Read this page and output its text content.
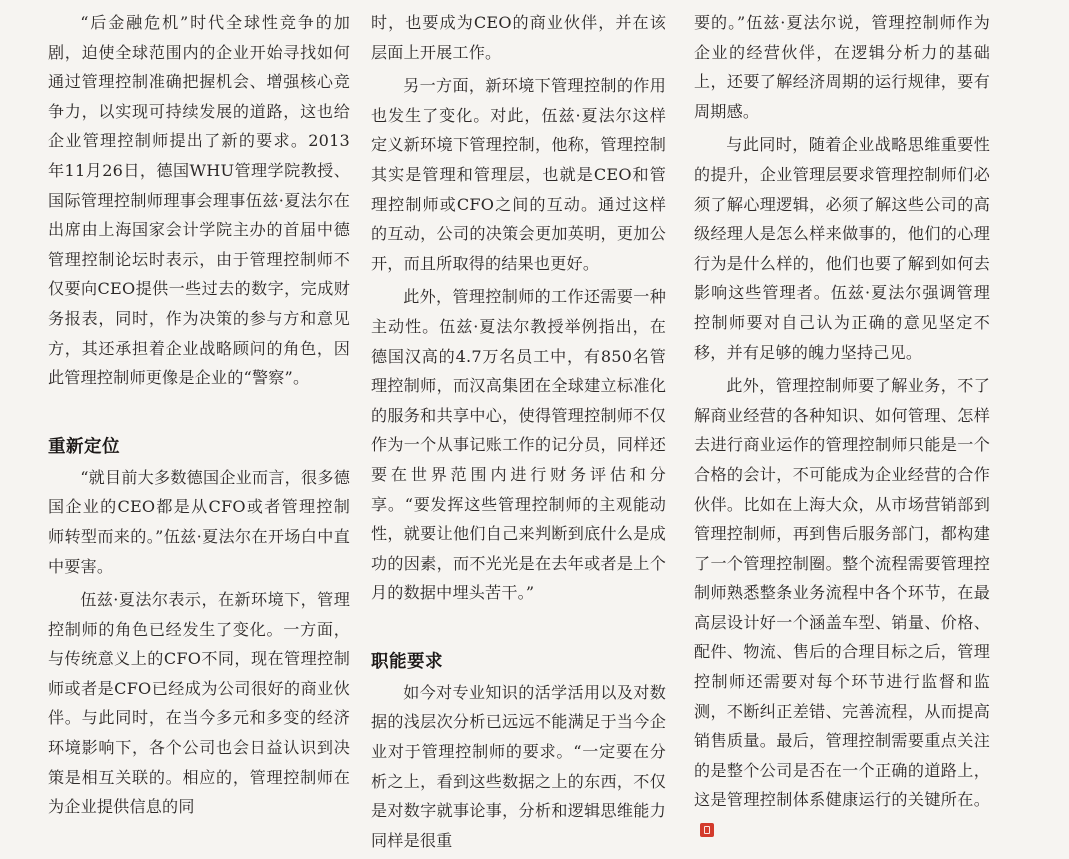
“后金融危机”时代全球性竞争的加剧，迫使全球范围内的企业开始寻找如何通过管理控制准确把握机会、增强核心竞争力，以实现可持续发展的道路，这也给企业管理控制师提出了新的要求。2013年11月26日，德国WHU管理学院教授、国际管理控制师理事会理事伍兹·夏法尔在出席由上海国家会计学院主办的首届中德管理控制论坛时表示，由于管理控制师不仅要向CEO提供一些过去的数字，完成财务报表，同时，作为决策的参与方和意见方，其还承担着企业战略顾问的角色，因此管理控制师更像是企业的“警察”。

重新定位

“就目前大多数德国企业而言，很多德国企业的CEO都是从CFO或者管理控制师转型而来的。”伍兹·夏法尔在开场白中直中要害。

伍兹·夏法尔表示，在新环境下，管理控制师的角色已经发生了变化。一方面，与传统意义上的CFO不同，现在管理控制师或者是CFO已经成为公司很好的商业伙伴。与此同时，在当今多元和多变的经济环境影响下，各个公司也会日益认识到决策是相互关联的。相应的，管理控制师在为企业提供信息的同

时，也要成为CEO的商业伙伴，并在该层面上开展工作。

另一方面，新环境下管理控制的作用也发生了变化。对此，伍兹·夏法尔这样定义新环境下管理控制，他称，管理控制其实是管理和管理层，也就是CEO和管理控制师或CFO之间的互动。通过这样的互动，公司的决策会更加英明，更加公开，而且所取得的结果也更好。

此外，管理控制师的工作还需要一种主动性。伍兹·夏法尔教授举例指出，在德国汉高的4.7万名员工中，有850名管理控制师，而汉高集团在全球建立标准化的服务和共享中心，使得管理控制师不仅作为一个从事记账工作的记分员，同样还要在世界范围内进行财务评估和分享。“要发挥这些管理控制师的主观能动性，就要让他们自己来判断到底什么是成功的因素，而不光光是在去年或者是上个月的数据中埋头苦干。”

职能要求

如今对专业知识的活学活用以及对数据的浅层次分析已远远不能满足于当今企业对于管理控制师的要求。“一定要在分析之上，看到这些数据之上的东西，不仅是对数字就事论事，分析和逻辑思维能力同样是很重

要的。”伍兹·夏法尔说，管理控制师作为企业的经营伙伴，在逻辑分析力的基础上，还要了解经济周期的运行规律，要有周期感。

与此同时，随着企业战略思维重要性的提升，企业管理层要求管理控制师们必须了解心理逻辑，必须了解这些公司的高级经理人是怎么样来做事的，他们的心理行为是什么样的，他们也要了解到如何去影响这些管理者。伍兹·夏法尔强调管理控制师要对自己认为正确的意见坚定不移，并有足够的魄力坚持己见。

此外，管理控制师要了解业务，不了解商业经营的各种知识、如何管理、怎样去进行商业运作的管理控制师只能是一个合格的会计，不可能成为企业经营的合作伙伴。比如在上海大众，从市场营销部到管理控制师，再到售后服务部门，都构建了一个管理控制圈。整个流程需要管理控制师熟悉整条业务流程中各个环节，在最高层设计好一个涵盖车型、销量、价格、配件、物流、售后的合理目标之后，管理控制师还需要对每个环节进行监督和监测，不断纠正差错、完善流程，从而提高销售质量。最后，管理控制需要重点关注的是整个公司是否在一个正确的道路上，这是管理控制体系健康运行的关键所在。
